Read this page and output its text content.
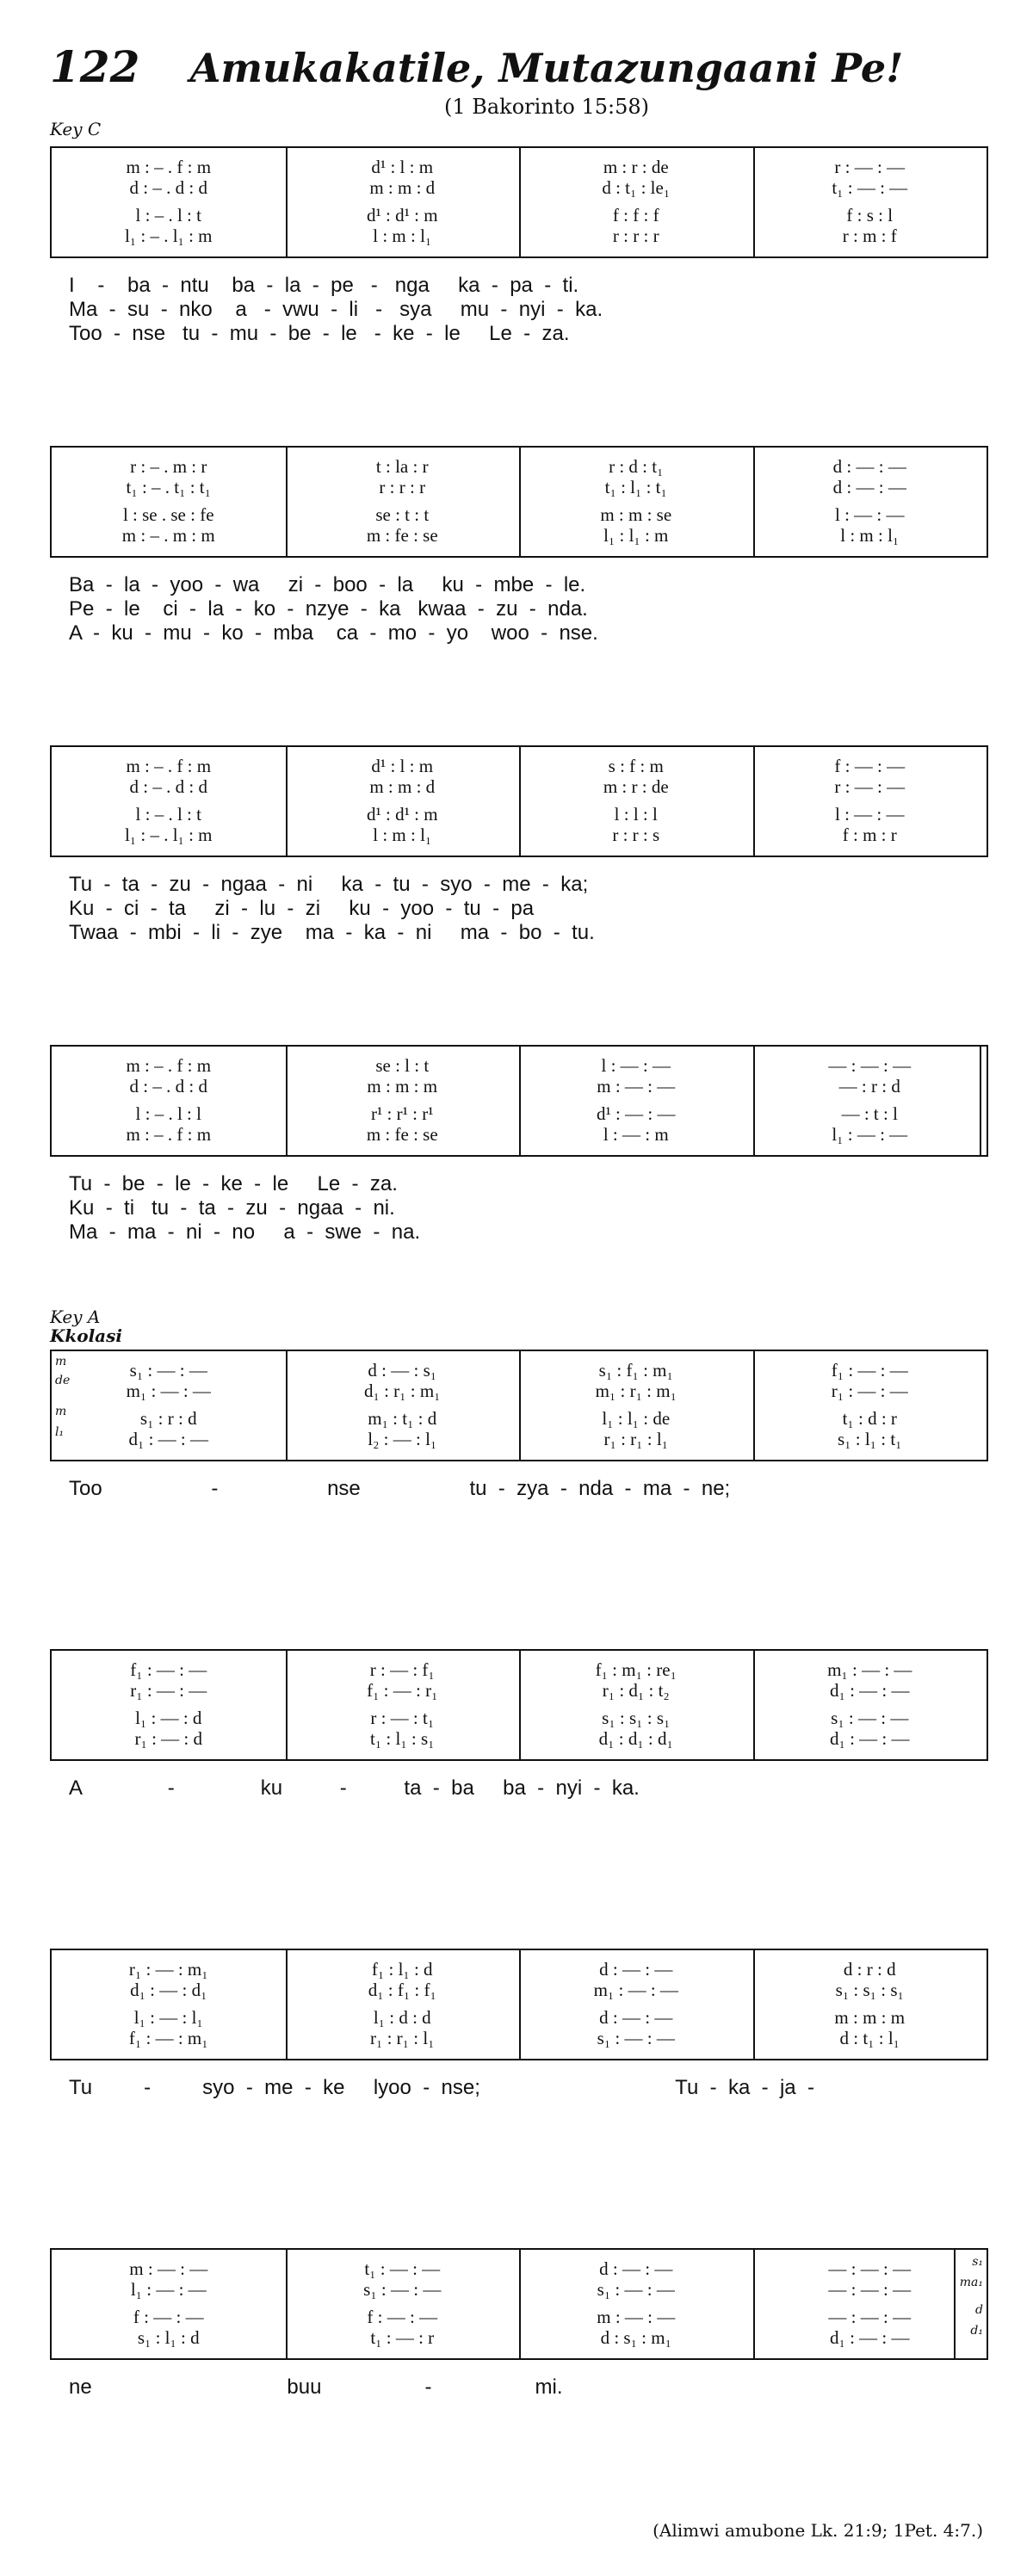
122	Amukakatile, Mutazungaani Pe!
(1 Bakorinto 15:58)
Key C
Key A
Kkolasi
m : – . f : m
d : – . d : d
l : – . l : t
l₁ : – . l₁ : m
d¹ : l : m
m : m : d
d¹ : d¹ : m
l : m : l₁
m : r : de
d : t₁ : le₁
f : f : f
r : r : r
r : — : —
t₁ : — : —
f : s : l
r : m : f
I    -    ba  -  ntu    ba  -  la  -  pe   -   nga     ka  -  pa  -  ti.
Ma  -  su  -  nko    a   -  vwu  -  li   -   sya     mu  -  nyi  -  ka.
Too  -  nse   tu  -  mu  -  be  -  le   -  ke  -  le     Le  -  za.
r : – . m : r
t₁ : – . t₁ : t₁
l : se . se : fe
m : – . m : m
t : la : r
r : r : r
se : t : t
m : fe : se
r : d : t₁
t₁ : l₁ : t₁
m : m : se
l₁ : l₁ : m
d : — : —
d : — : —
l : — : —
l : m : l₁
Ba  -  la  -  yoo  -  wa     zi  -  boo  -  la     ku  -  mbe  -  le.
Pe  -  le    ci  -  la  -  ko  -  nzye  -  ka   kwaa  -  zu  -  nda.
A  -  ku  -  mu  -  ko  -  mba    ca  -  mo  -  yo    woo  -  nse.
m : – . f : m
d : – . d : d
l : – . l : t
l₁ : – . l₁ : m
d¹ : l : m
m : m : d
d¹ : d¹ : m
l : m : l₁
s : f : m
m : r : de
l : l : l
r : r : s
f : — : —
r : — : —
l : — : —
f : m : r
Tu  -  ta  -  zu  -  ngaa  -  ni     ka  -  tu  -  syo  -  me  -  ka;
Ku  -  ci  -  ta     zi  -  lu  -  zi     ku  -  yoo  -  tu  -  pa
Twaa  -  mbi  -  li  -  zye    ma  -  ka  -  ni     ma  -  bo  -  tu.
m : – . f : m
d : – . d : d
l : – . l : l
m : – . f : m
se : l : t
m : m : m
r¹ : r¹ : r¹
m : fe : se
l : — : —
m : — : —
d¹ : — : —
l : — : m
— : — : —
— : r : d
— : t : l
l₁ : — : —
Tu  -  be  -  le  -  ke  -  le     Le  -  za.
Ku  -  ti   tu  -  ta  -  zu  -  ngaa  -  ni.
Ma  -  ma  -  ni  -  no     a  -  swe  -  na.
s₁ : — : —
m₁ : — : —
s₁ : r : d
d₁ : — : —
d : — : s₁
d₁ : r₁ : m₁
m₁ : t₁ : d
l₂ : — : l₁
s₁ : f₁ : m₁
m₁ : r₁ : m₁
l₁ : l₁ : de
r₁ : r₁ : l₁
f₁ : — : —
r₁ : — : —
t₁ : d : r
s₁ : l₁ : t₁
m
de
m
l₁
Too                   -                   nse                   tu  -  zya  -  nda  -  ma  -  ne;
f₁ : — : —
r₁ : — : —
l₁ : — : d
r₁ : — : d
r : — : f₁
f₁ : — : r₁
r : — : t₁
t₁ : l₁ : s₁
f₁ : m₁ : re₁
r₁ : d₁ : t₂
s₁ : s₁ : s₁
d₁ : d₁ : d₁
m₁ : — : —
d₁ : — : —
s₁ : — : —
d₁ : — : —
A               -               ku          -          ta  -  ba     ba  -  nyi  -  ka.
r₁ : — : m₁
d₁ : — : d₁
l₁ : — : l₁
f₁ : — : m₁
f₁ : l₁ : d
d₁ : f₁ : f₁
l₁ : d : d
r₁ : r₁ : l₁
d : — : —
m₁ : — : —
d : — : —
s₁ : — : —
d : r : d
s₁ : s₁ : s₁
m : m : m
d : t₁ : l₁
Tu         -         syo  -  me  -  ke     lyoo  -  nse;                                  Tu  -  ka  -  ja  -
m : — : —
l₁ : — : —
f : — : —
s₁ : l₁ : d
t₁ : — : —
s₁ : — : —
f : — : —
t₁ : — : r
d : — : —
s₁ : — : —
m : — : —
d : s₁ : m₁
— : — : —
— : — : —
— : — : —
d₁ : — : —
s₁
ma₁
d
d₁
ne                                  buu                  -                  mi.
(Alimwi amubone Lk. 21:9; 1Pet. 4:7.)
